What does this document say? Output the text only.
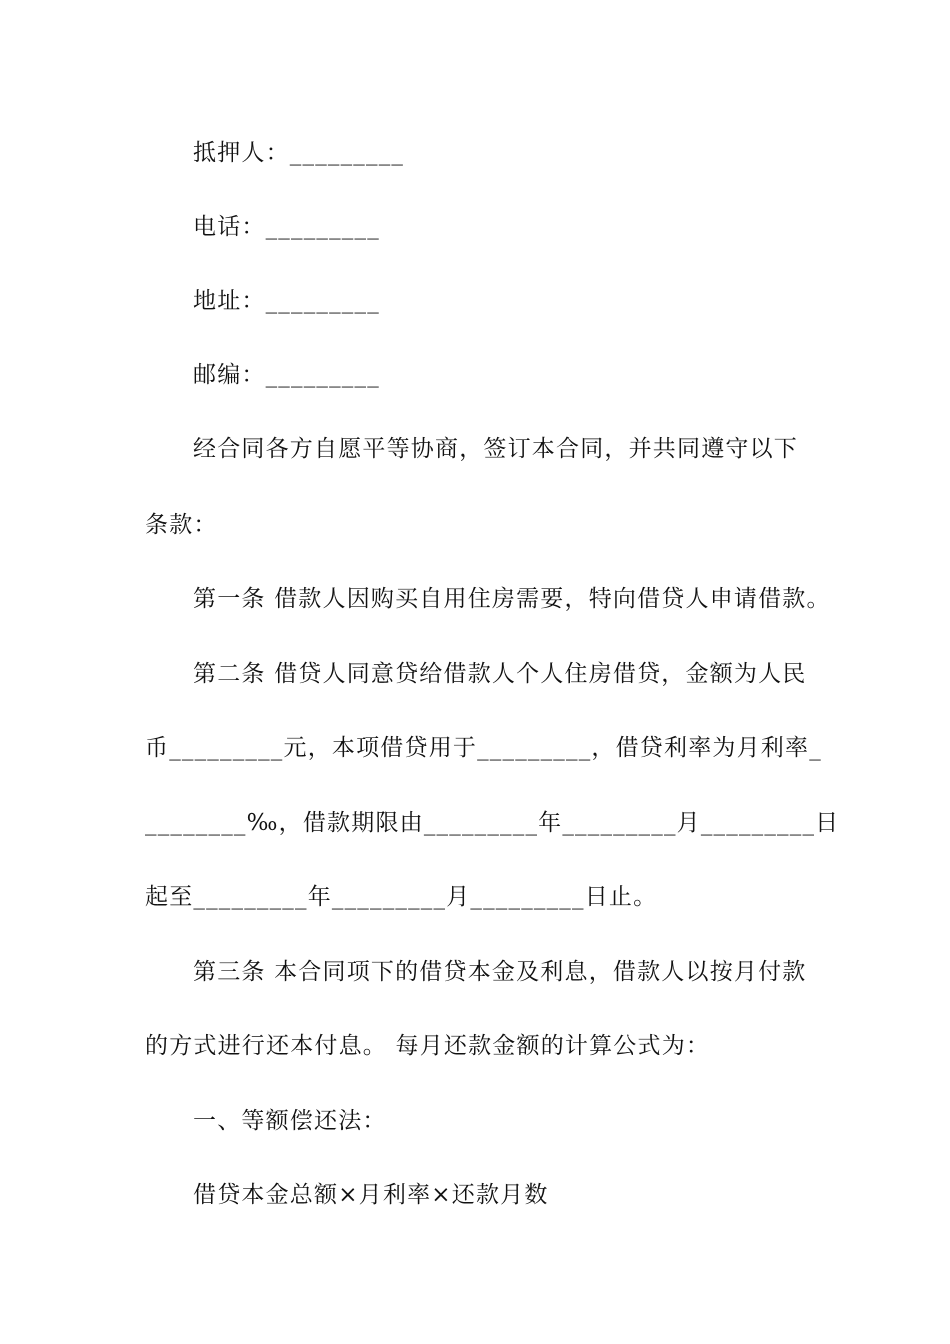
抵押人：_________
电话：_________
地址：_________
邮编：_________
经合同各方自愿平等协商，签订本合同，并共同遵守以下
条款：
第一条 借款人因购买自用住房需要，特向借贷人申请借款。
第二条 借贷人同意贷给借款人个人住房借贷，金额为人民
币_________元，本项借贷用于_________，借贷利率为月利率_
________‰，借款期限由_________年_________月_________日
起至_________年_________月_________日止。
第三条 本合同项下的借贷本金及利息，借款人以按月付款
的方式进行还本付息。 每月还款金额的计算公式为：
一、等额偿还法：
借贷本金总额×月利率×还款月数
